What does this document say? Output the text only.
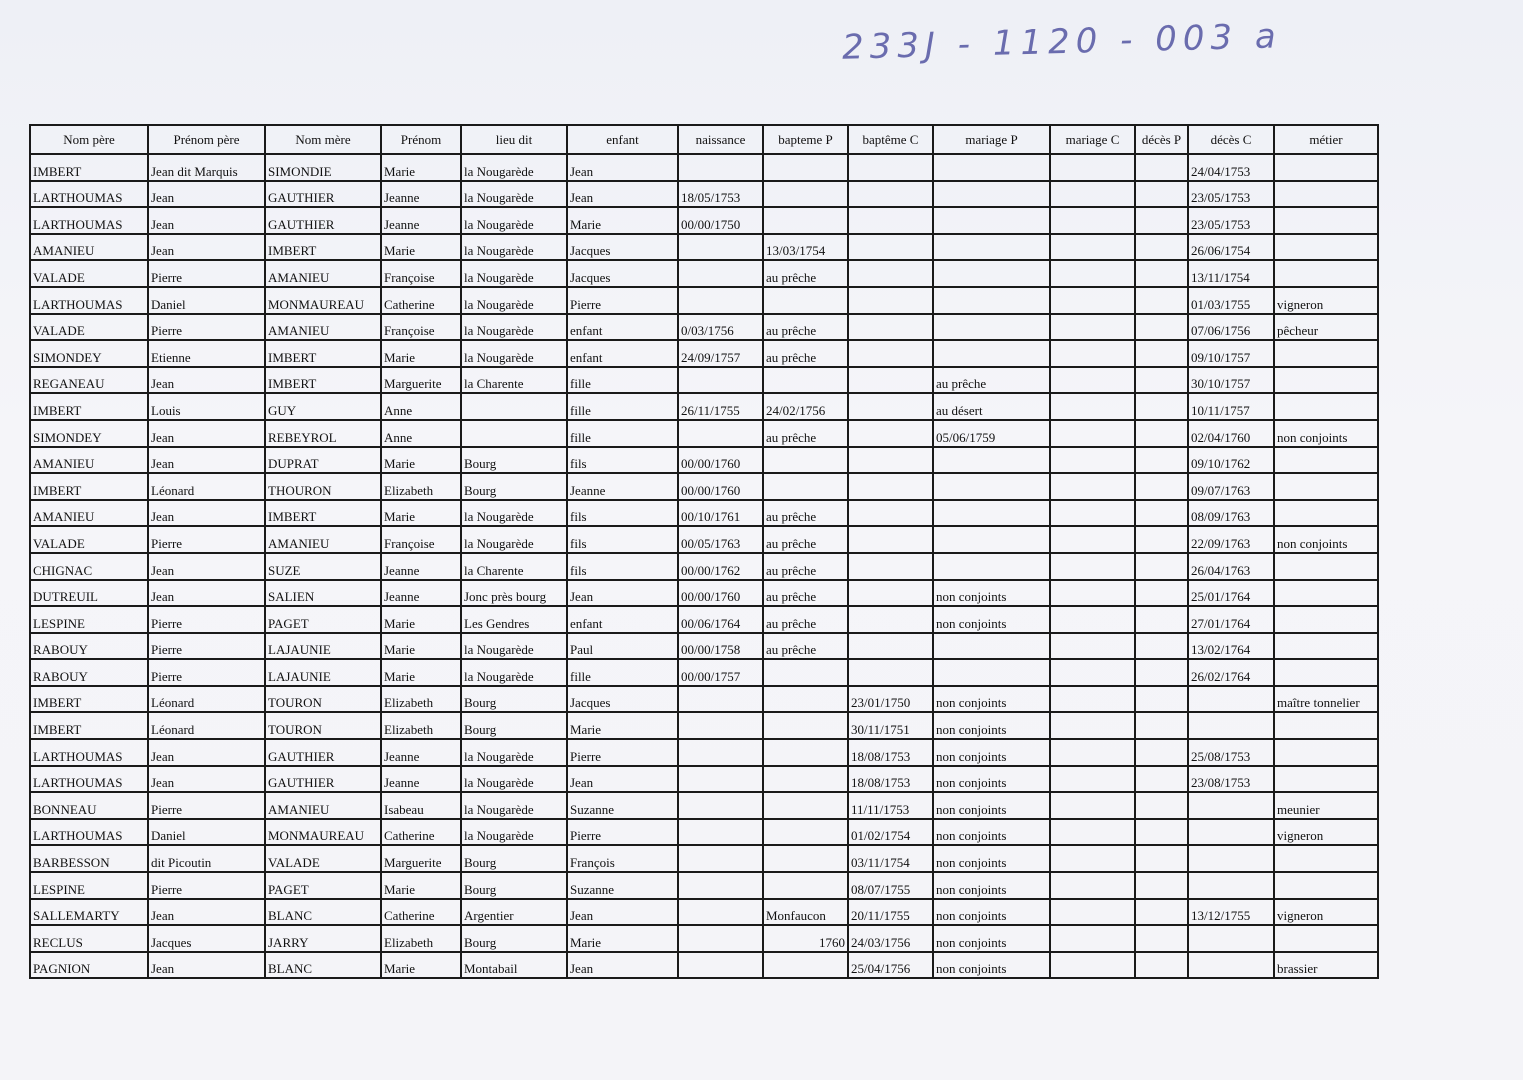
233J - 1120 - 003 a
Nom père	Prénom père	Nom mère	Prénom	lieu dit	enfant	naissance	bapteme P	baptême C	mariage P	mariage C	décès P	décès C	métier
IMBERT	Jean dit Marquis	SIMONDIE	Marie	la Nougarède	Jean							24/04/1753	
LARTHOUMAS	Jean	GAUTHIER	Jeanne	la Nougarède	Jean	18/05/1753						23/05/1753	
LARTHOUMAS	Jean	GAUTHIER	Jeanne	la Nougarède	Marie	00/00/1750						23/05/1753	
AMANIEU	Jean	IMBERT	Marie	la Nougarède	Jacques		13/03/1754					26/06/1754	
VALADE	Pierre	AMANIEU	Françoise	la Nougarède	Jacques		au prêche					13/11/1754	
LARTHOUMAS	Daniel	MONMAUREAU	Catherine	la Nougarède	Pierre							01/03/1755	vigneron
VALADE	Pierre	AMANIEU	Françoise	la Nougarède	enfant	0/03/1756	au prêche					07/06/1756	pêcheur
SIMONDEY	Etienne	IMBERT	Marie	la Nougarède	enfant	24/09/1757	au prêche					09/10/1757	
REGANEAU	Jean	IMBERT	Marguerite	la Charente	fille				au prêche			30/10/1757	
IMBERT	Louis	GUY	Anne		fille	26/11/1755	24/02/1756		au désert			10/11/1757	
SIMONDEY	Jean	REBEYROL	Anne		fille		au prêche		05/06/1759			02/04/1760	non conjoints
AMANIEU	Jean	DUPRAT	Marie	Bourg	fils	00/00/1760						09/10/1762	
IMBERT	Léonard	THOURON	Elizabeth	Bourg	Jeanne	00/00/1760						09/07/1763	
AMANIEU	Jean	IMBERT	Marie	la Nougarède	fils	00/10/1761	au prêche					08/09/1763	
VALADE	Pierre	AMANIEU	Françoise	la Nougarède	fils	00/05/1763	au prêche					22/09/1763	non conjoints
CHIGNAC	Jean	SUZE	Jeanne	la Charente	fils	00/00/1762	au prêche					26/04/1763	
DUTREUIL	Jean	SALIEN	Jeanne	Jonc près bourg	Jean	00/00/1760	au prêche		non conjoints			25/01/1764	
LESPINE	Pierre	PAGET	Marie	Les Gendres	enfant	00/06/1764	au prêche		non conjoints			27/01/1764	
RABOUY	Pierre	LAJAUNIE	Marie	la Nougarède	Paul	00/00/1758	au prêche					13/02/1764	
RABOUY	Pierre	LAJAUNIE	Marie	la Nougarède	fille	00/00/1757						26/02/1764	
IMBERT	Léonard	TOURON	Elizabeth	Bourg	Jacques			23/01/1750	non conjoints				maître tonnelier
IMBERT	Léonard	TOURON	Elizabeth	Bourg	Marie			30/11/1751	non conjoints				
LARTHOUMAS	Jean	GAUTHIER	Jeanne	la Nougarède	Pierre			18/08/1753	non conjoints			25/08/1753	
LARTHOUMAS	Jean	GAUTHIER	Jeanne	la Nougarède	Jean			18/08/1753	non conjoints			23/08/1753	
BONNEAU	Pierre	AMANIEU	Isabeau	la Nougarède	Suzanne			11/11/1753	non conjoints				meunier
LARTHOUMAS	Daniel	MONMAUREAU	Catherine	la Nougarède	Pierre			01/02/1754	non conjoints				vigneron
BARBESSON	dit Picoutin	VALADE	Marguerite	Bourg	François			03/11/1754	non conjoints				
LESPINE	Pierre	PAGET	Marie	Bourg	Suzanne			08/07/1755	non conjoints				
SALLEMARTY	Jean	BLANC	Catherine	Argentier	Jean		Monfaucon	20/11/1755	non conjoints			13/12/1755	vigneron
RECLUS	Jacques	JARRY	Elizabeth	Bourg	Marie		1760	24/03/1756	non conjoints				
PAGNION	Jean	BLANC	Marie	Montabail	Jean			25/04/1756	non conjoints				brassier
